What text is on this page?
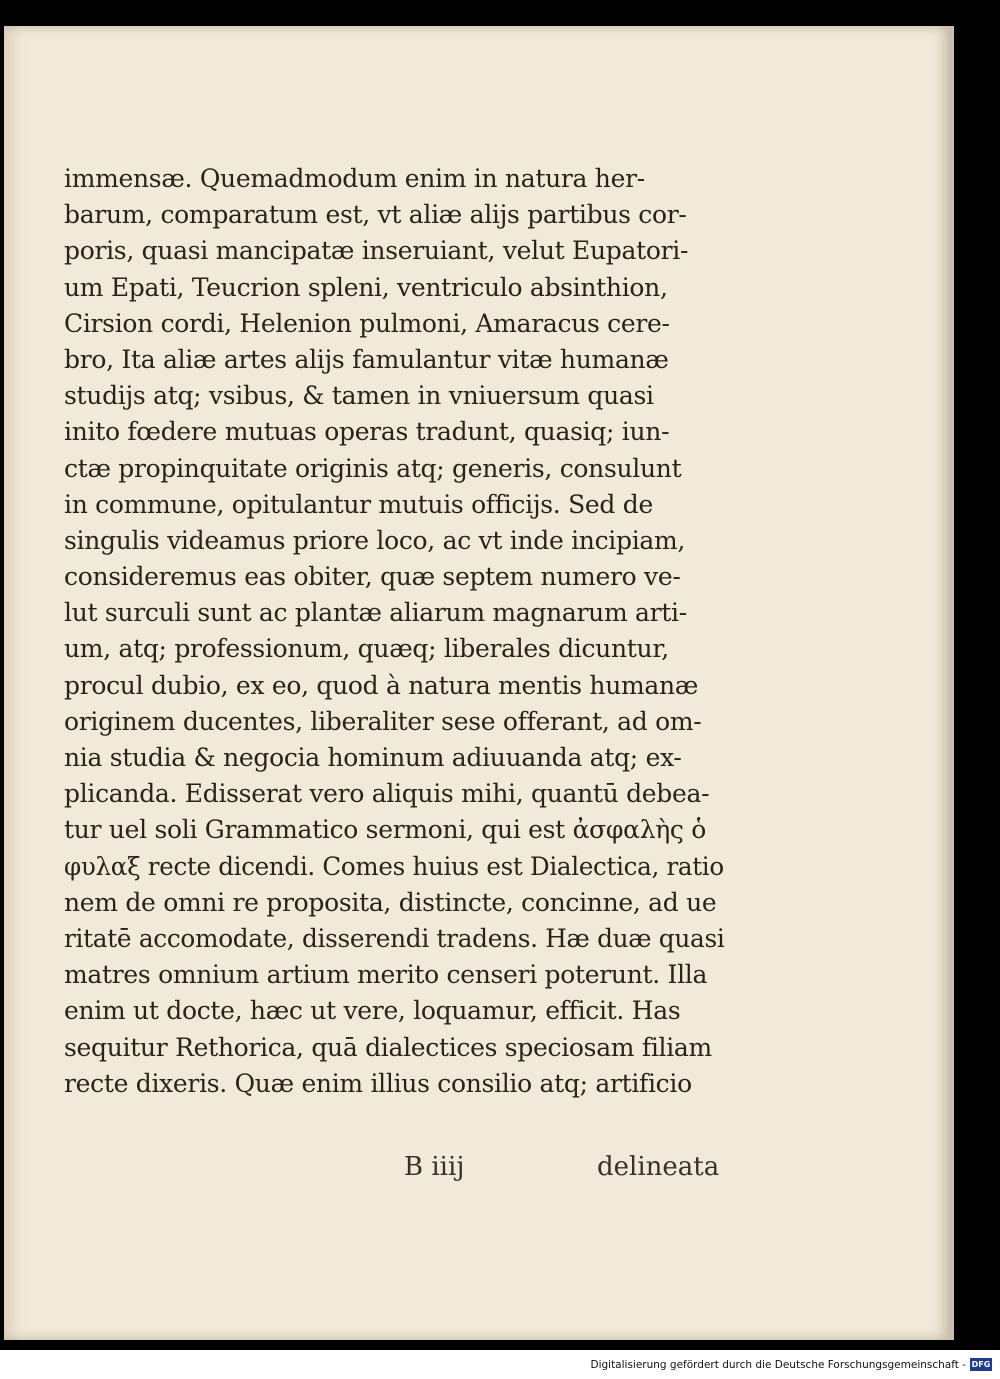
immensæ. Quemadmodum enim in natura her-
barum, comparatum est, vt aliæ alijs partibus cor-
poris, quasi mancipatæ inseruiant, velut Eupatori-
um Epati, Teucrion spleni, ventriculo absinthion,
Cirsion cordi, Helenion pulmoni, Amaracus cere-
bro, Ita aliæ artes alijs famulantur vitæ humanæ
studijs atq; vsibus, & tamen in vniuersum quasi
inito fœdere mutuas operas tradunt, quasiq; iun-
ctæ propinquitate originis atq; generis, consulunt
in commune, opitulantur mutuis officijs. Sed de
singulis videamus priore loco, ac vt inde incipiam,
consideremus eas obiter, quæ septem numero ve-
lut surculi sunt ac plantæ aliarum magnarum arti-
um, atq; professionum, quæq; liberales dicuntur,
procul dubio, ex eo, quod à natura mentis humanæ
originem ducentes, liberaliter sese offerant, ad om-
nia studia & negocia hominum adiuuanda atq; ex-
plicanda. Edisserat vero aliquis mihi, quantū debea-
tur uel soli Grammatico sermoni, qui est ἀσφαλὴς ὁ
φυλαξ recte dicendi. Comes huius est Dialectica, ratio
nem de omni re proposita, distincte, concinne, ad ue
ritatē accomodate, disserendi tradens. Hæ duæ quasi
matres omnium artium merito censeri poterunt. Illa
enim ut docte, hæc ut vere, loquamur, efficit. Has
sequitur Rethorica, quā dialectices speciosam filiam
recte dixeris. Quæ enim illius consilio atq; artificio
B iiij	delineata
Digitalisierung gefördert durch die Deutsche Forschungsgemeinschaft - DFG
